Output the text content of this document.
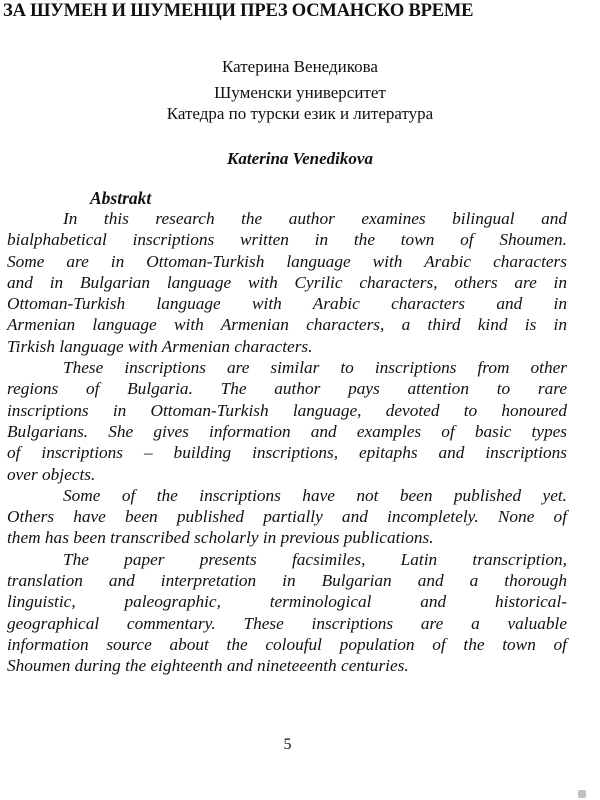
ЗА ШУМЕН И ШУМЕНЦИ ПРЕЗ ОСМАНСКО ВРЕМЕ
Катерина Венедикова
Шуменски университет
Катедра по турски език и литература
Katerina Venedikova
Abstrakt
In this research the author examines bilingual and
bialphabetical inscriptions written in the town of Shoumen.
Some are in Ottoman-Turkish language with Arabic characters
and in Bulgarian language with Cyrilic characters, others are in
Ottoman-Turkish language with Arabic characters and in
Armenian language with Armenian characters, a third kind is in
Tirkish language with Armenian characters.
These inscriptions are similar to inscriptions from other
regions of Bulgaria. The author pays attention to rare
inscriptions in Ottoman-Turkish language, devoted to honoured
Bulgarians. She gives information and examples of basic types
of inscriptions – building inscriptions, epitaphs and inscriptions
over objects.
Some of the inscriptions have not been published yet.
Others have been published partially and incompletely. None of
them has been transcribed scholarly in previous publications.
The paper presents facsimiles, Latin transcription,
translation and interpretation in Bulgarian and a thorough
linguistic, paleographic, terminological and historical-
geographical commentary. These inscriptions are a valuable
information source about the colouful population of the town of
Shoumen during the eighteenth and nineteeenth centuries.
5
